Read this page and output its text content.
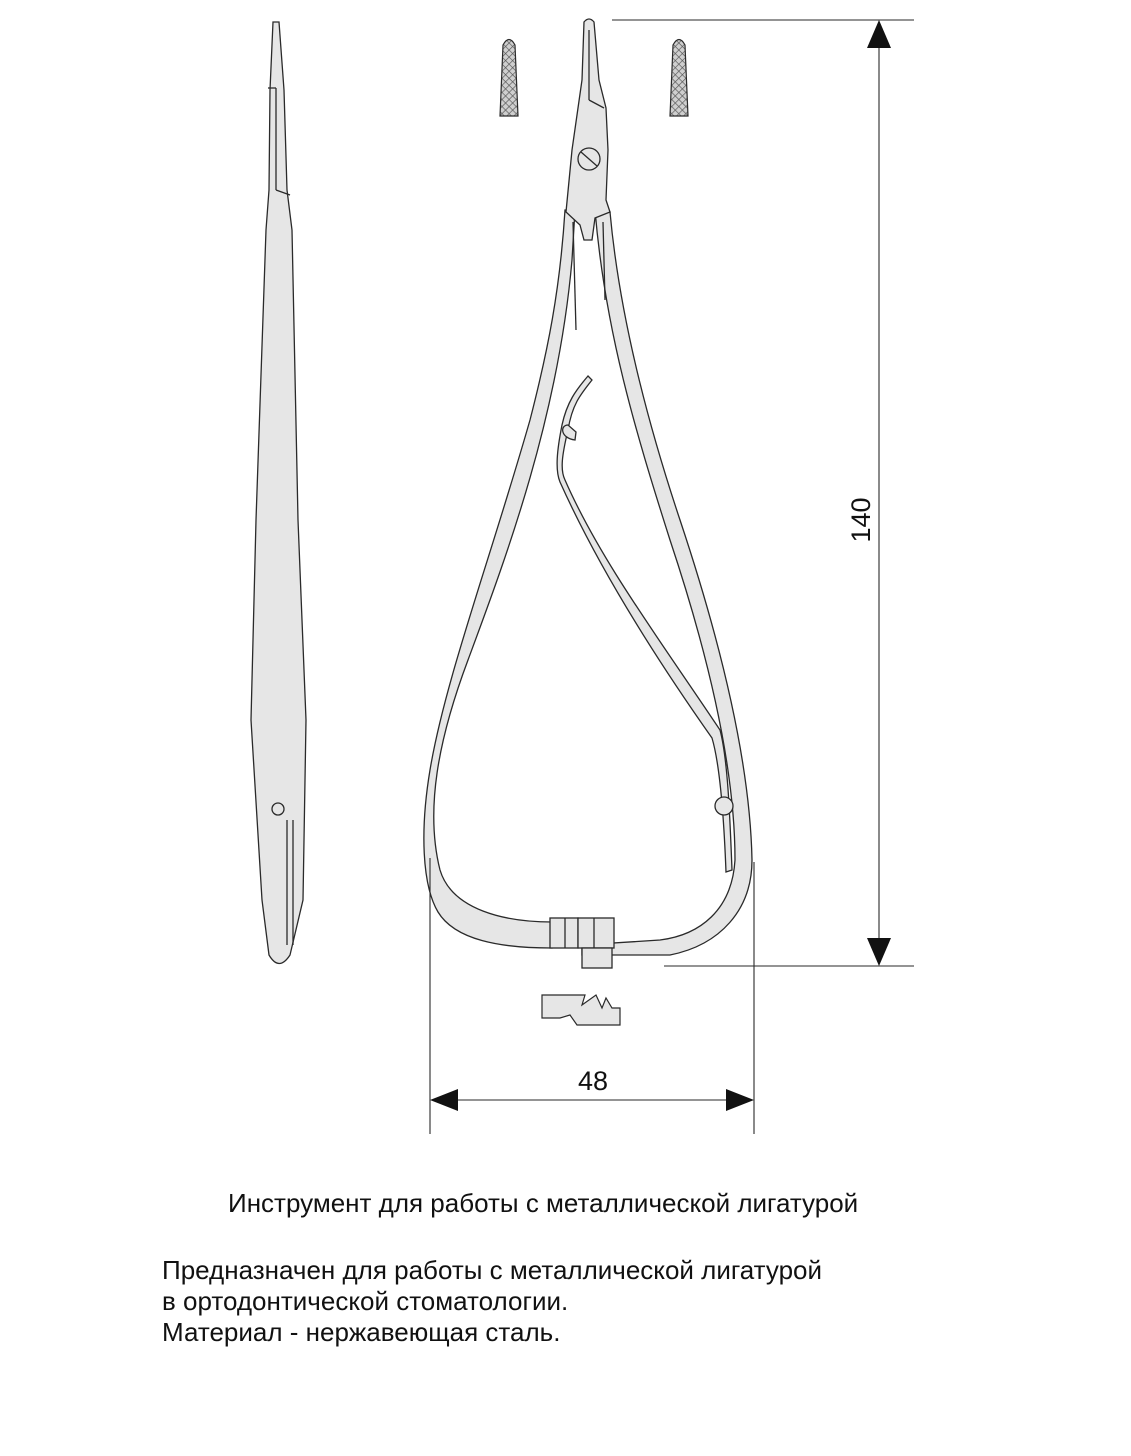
140
48
Инструмент для работы с металлической лигатурой
Предназначен для работы с металлической лигатурой
в ортодонтической стоматологии.
Материал - нержавеющая сталь.
